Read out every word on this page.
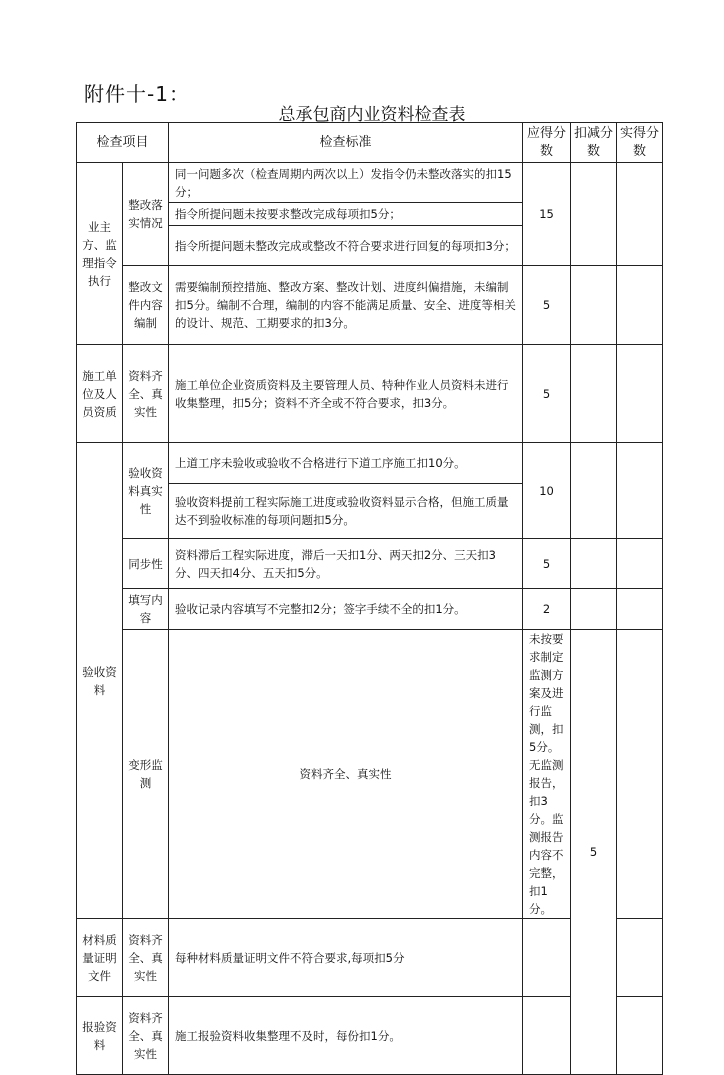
附件十-1：
总承包商内业资料检查表
检查项目		检查标准	应得分数	扣减分数	实得分数	
业主方、监理指令执行	整改落实情况	同一问题多次（检查周期内两次以上）发指令仍未整改落实的扣15分；	15			
		指令所提问题未按要求整改完成每项扣5分；				
		指令所提问题未整改完成或整改不符合要求进行回复的每项扣3分；				
	整改文件内容编制	需要编制预控措施、整改方案、整改计划、进度纠偏措施，未编制扣5分。编制不合理，编制的内容不能满足质量、安全、进度等相关的设计、规范、工期要求的扣3分。	5			
施工单位及人员资质	资料齐全、真实性	施工单位企业资质资料及主要管理人员、特种作业人员资料未进行收集整理，扣5分；资料不齐全或不符合要求，扣3分。	5			
验收资料	验收资料真实性	上道工序未验收或验收不合格进行下道工序施工扣10分。	10			
		验收资料提前工程实际施工进度或验收资料显示合格，但施工质量达不到验收标准的每项问题扣5分。				
	同步性	资料滞后工程实际进度，滞后一天扣1分、两天扣2分、三天扣3分、四天扣4分、五天扣5分。	5			
	填写内容	验收记录内容填写不完整扣2分；签字手续不全的扣1分。	2			
	变形监测	资料齐全、真实性	未按要求制定监测方案及进行监测，扣5分。无监测报告，扣3分。监测报告内容不完整，扣1分。	5		
材料质量证明文件	资料齐全、真实性	每种材料质量证明文件不符合要求,每项扣5分				
报验资料	资料齐全、真实性	施工报验资料收集整理不及时，每份扣1分。				
